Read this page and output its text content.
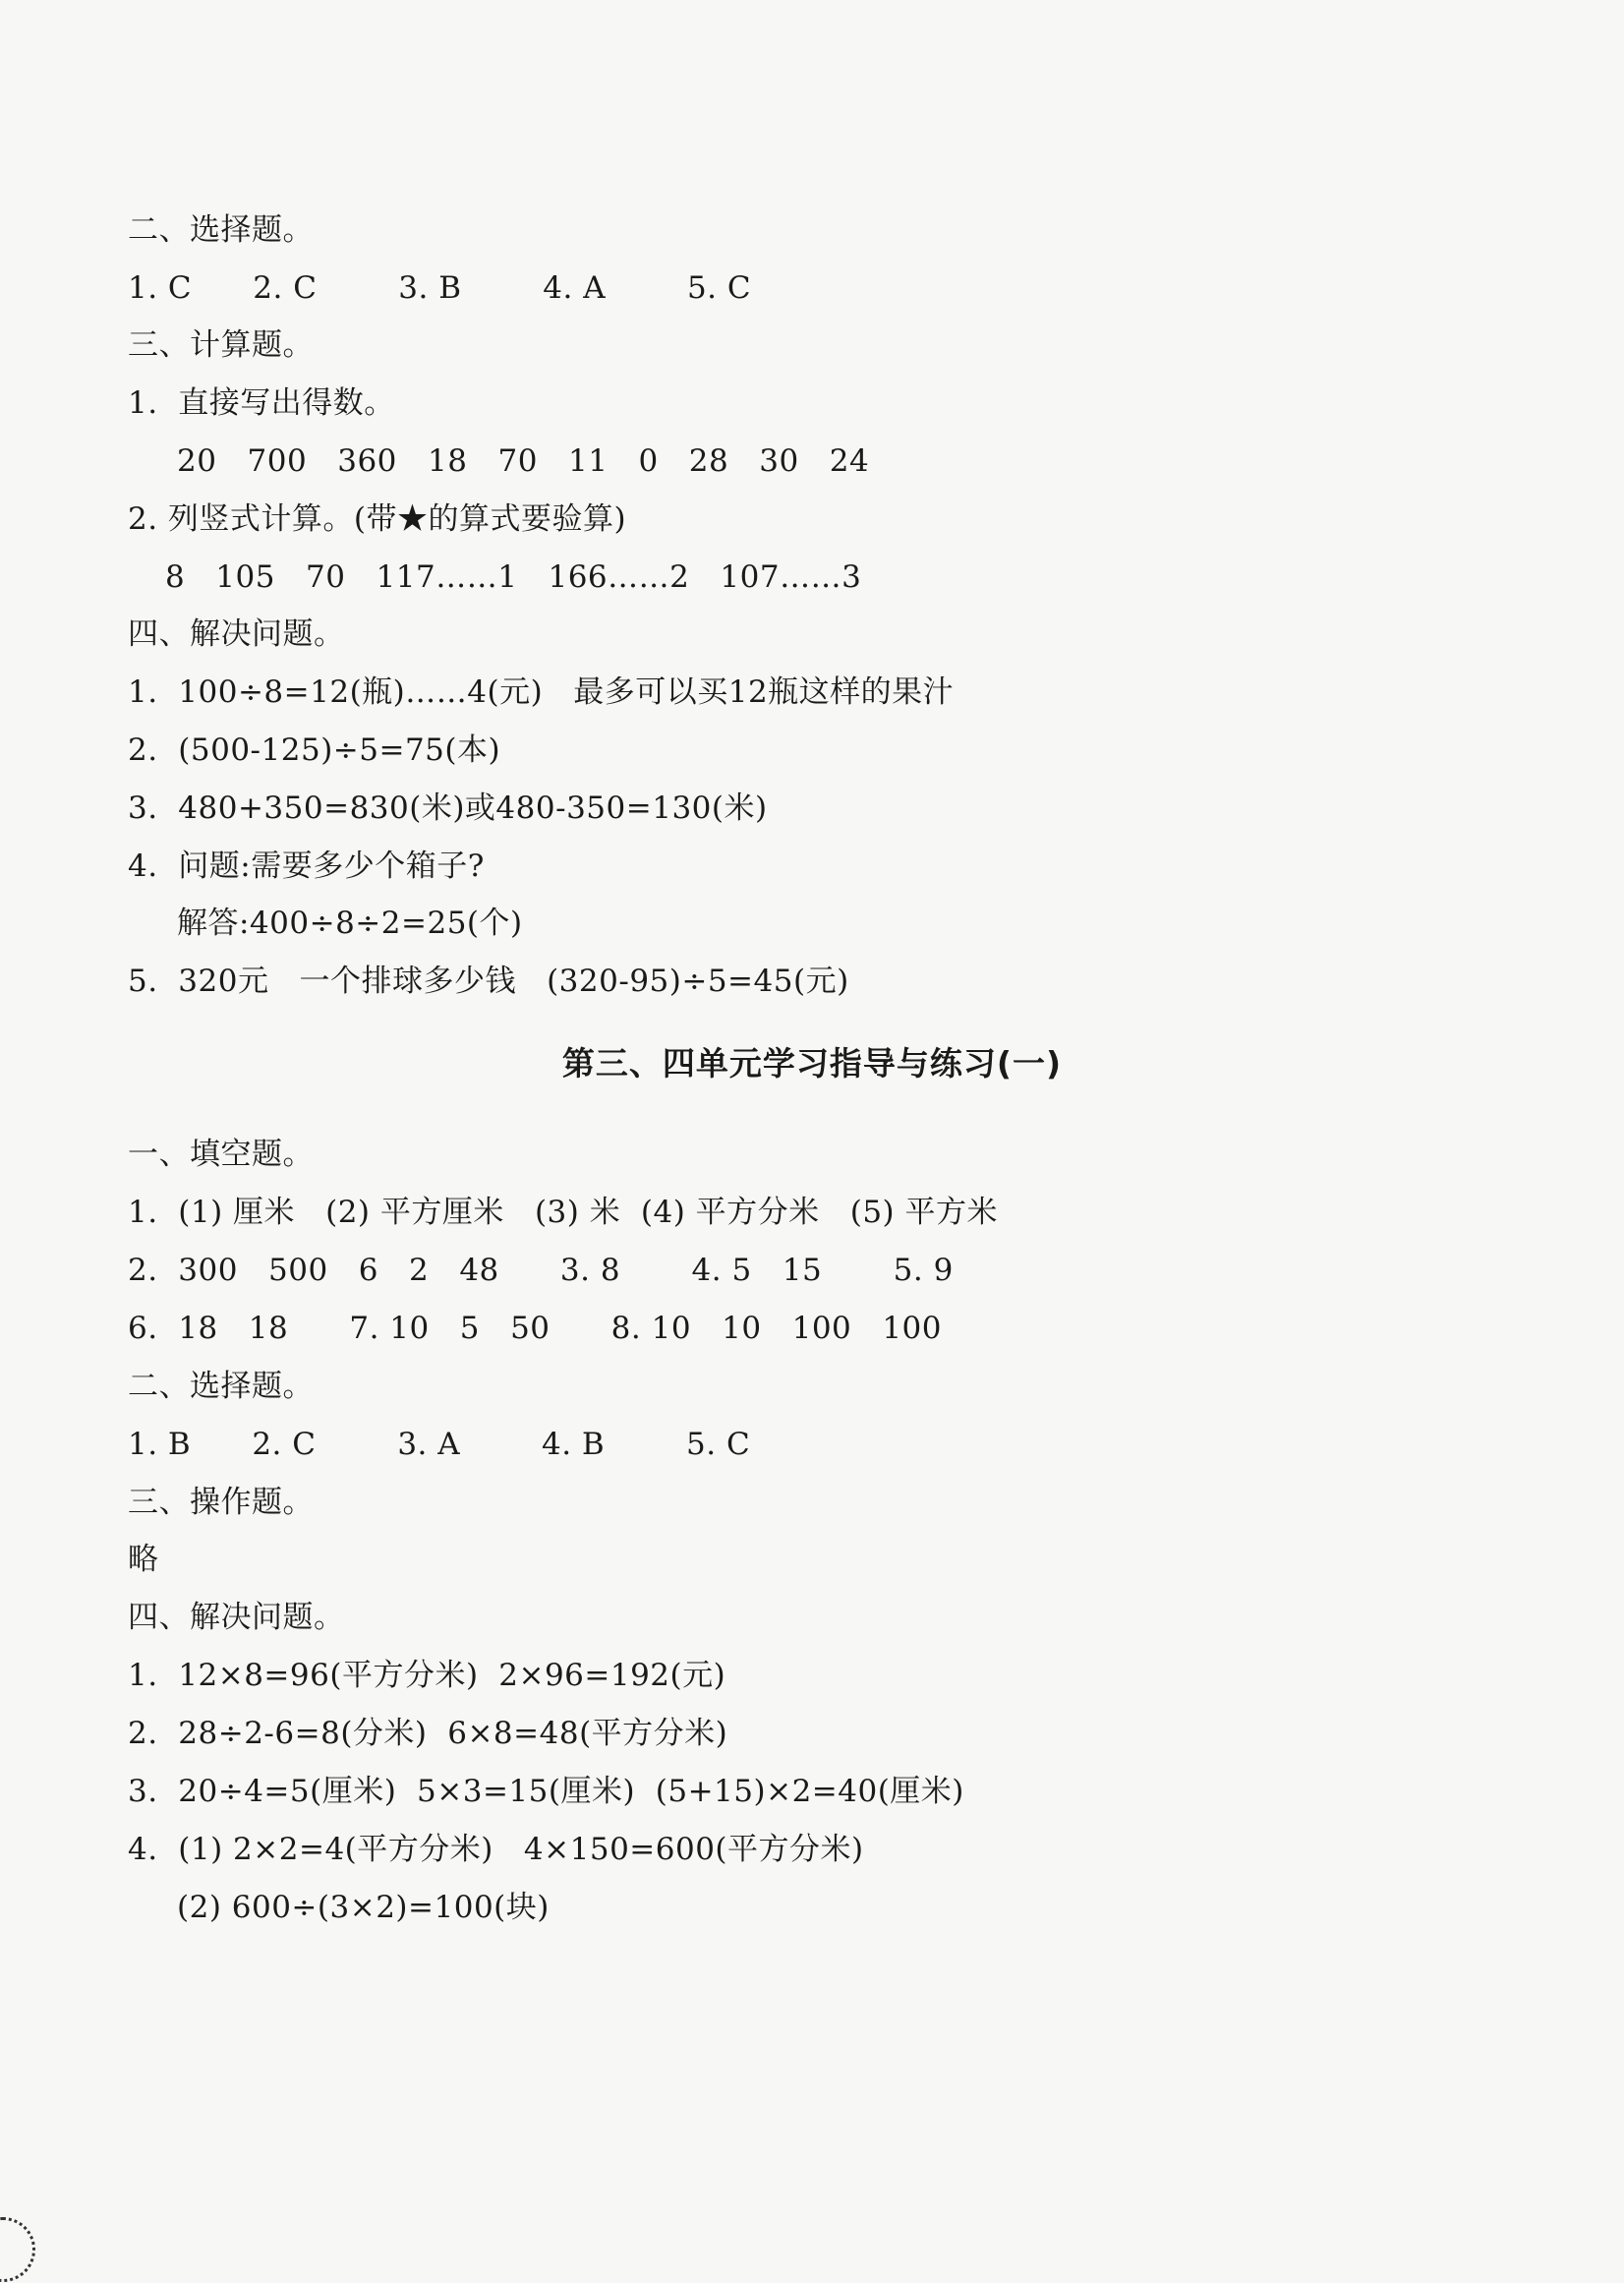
二、选择题。
1. C      2. C        3. B        4. A        5. C
三、计算题。
1.  直接写出得数。
20   700   360   18   70   11   0   28   30   24
2. 列竖式计算。(带★的算式要验算)
8   105   70   117……1   166……2   107……3
四、解决问题。
1.  100÷8=12(瓶)……4(元)   最多可以买12瓶这样的果汁
2.  (500-125)÷5=75(本)
3.  480+350=830(米)或480-350=130(米)
4.  问题:需要多少个箱子?
解答:400÷8÷2=25(个)
5.  320元   一个排球多少钱   (320-95)÷5=45(元)
第三、四单元学习指导与练习(一)
一、填空题。
1.  (1) 厘米   (2) 平方厘米   (3) 米  (4) 平方分米   (5) 平方米
2.  300   500   6   2   48      3. 8       4. 5   15       5. 9
6.  18   18      7. 10   5   50      8. 10   10   100   100
二、选择题。
1. B      2. C        3. A        4. B        5. C
三、操作题。
略
四、解决问题。
1.  12×8=96(平方分米)  2×96=192(元)
2.  28÷2-6=8(分米)  6×8=48(平方分米)
3.  20÷4=5(厘米)  5×3=15(厘米)  (5+15)×2=40(厘米)
4.  (1) 2×2=4(平方分米)   4×150=600(平方分米)
(2) 600÷(3×2)=100(块)
